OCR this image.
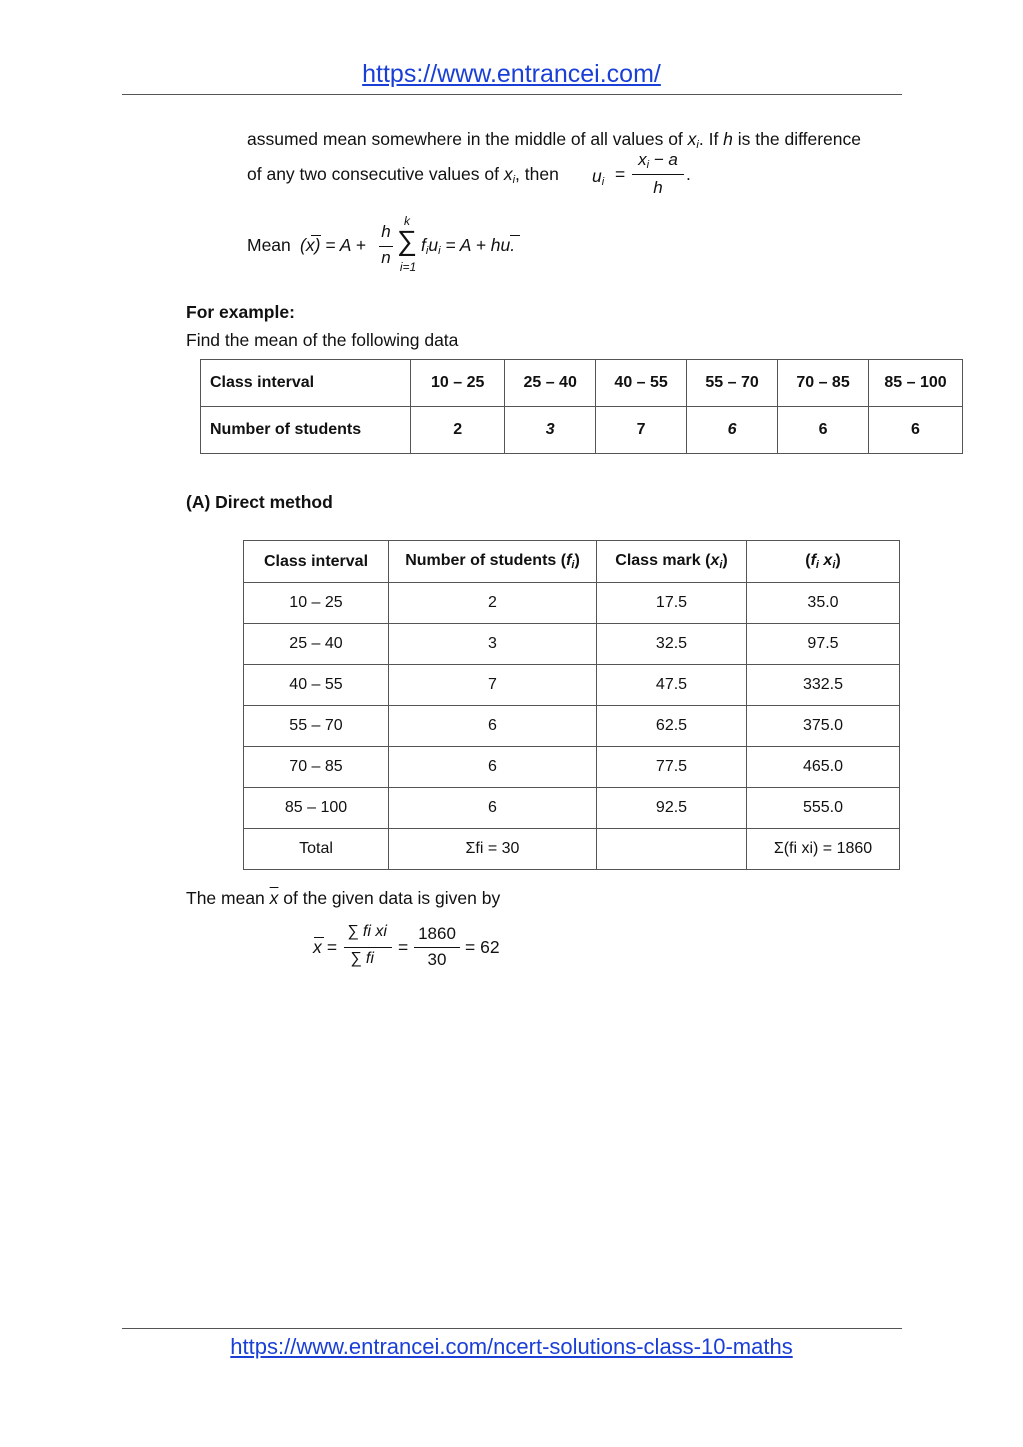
https://www.entrancei.com/
assumed mean somewhere in the middle of all values of $x_i$. If h is the difference
of any two consecutive values of $x_i$, then $u_i$ =
$x_i - a$
h
.
Mean (x) = A +
h
n
k
∑
i=1
$f_iu_i = A$ + hu.
For example:
Find the mean of the following data
Class interval	10 – 25	25 – 40	40 – 55	55 – 70	70 – 85	85 – 100
Number of students	2	3	7	6	6	6
(A) Direct method
Class interval	Number of students $(f_i)$	Class mark $(x_i)$	($f_i$ $x_i$)
10 – 25	2	17.5	35.0
25 – 40	3	32.5	97.5
40 – 55	7	47.5	332.5
55 – 70	6	62.5	375.0
70 – 85	6	77.5	465.0
85 – 100	6	92.5	555.0
Total	Σfi = 30		Σ(fi xi) = 1860
The mean $\overline{x}$ of the given data is given by
x =
∑ fi xi
∑ fi
=
1860
30
= 62
https://www.entrancei.com/ncert-solutions-class-10-maths
